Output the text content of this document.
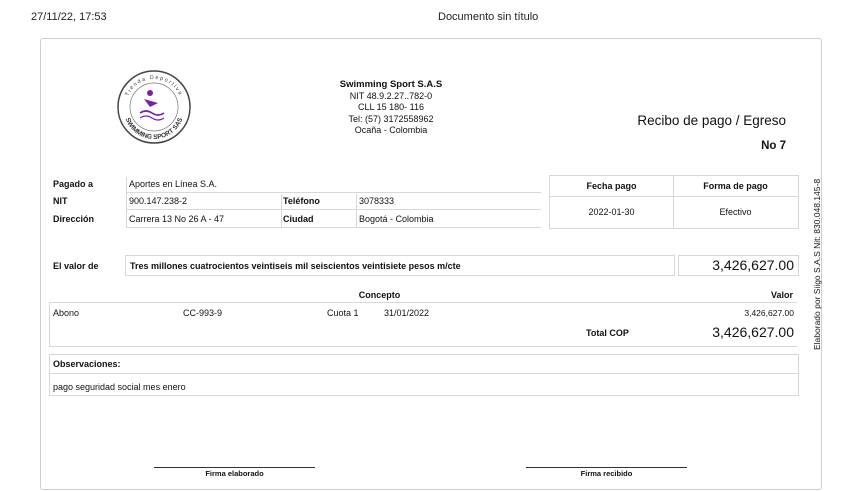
27/11/22, 17:53	Documento sin título
Tienda Deportiva
SWIMMING SPORT SAS
Swimming Sport S.A.S
NIT 48.9.2.27..782-0
CLL 15 180- 116
Tel: (57) 3172558962
Ocaña - Colombia
Recibo de pago / Egreso
No 7
Pagado a	Aportes en Línea S.A.
NIT	900.147.238-2	Teléfono	3078333
Dirección	Carrera 13 No 26 A - 47	Ciudad	Bogotá - Colombia
Fecha pago	Forma de pago
2022-01-30	Efectivo
El valor de	Tres millones cuatrocientos veintiseis mil seiscientos veintisiete pesos m/cte	3,426,627.00
Concepto	Valor
Abono	CC-993-9	Cuota 1	31/01/2022	3,426,627.00
Total COP	3,426,627.00
Observaciones:
pago seguridad social mes enero
Firma elaborado	Firma recibido
Elaborado por Siigo S.A.S Nit: 830.048.145-8
